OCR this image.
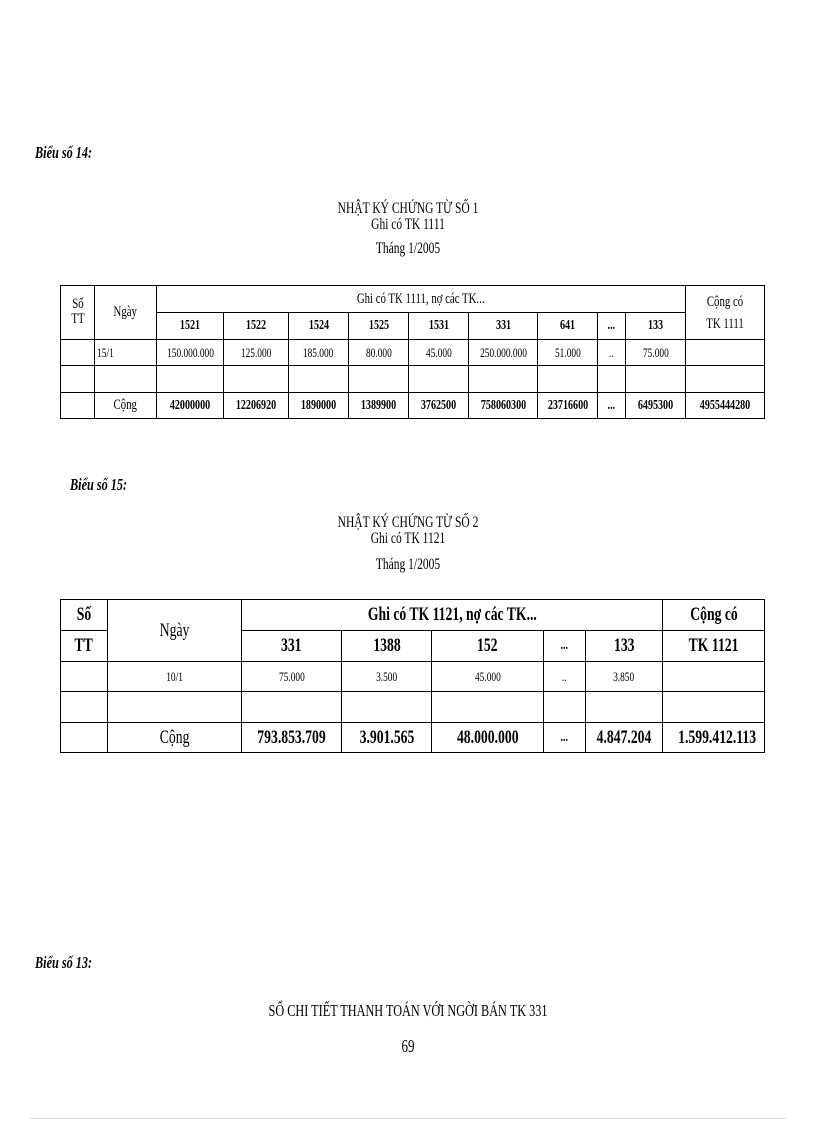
Biểu số 14:
NHẬT KÝ CHỨNG TỪ SỐ 1
Ghi có TK 1111
Tháng 1/2005
Số TT	Ngày	Ghi có TK 1111, nợ các TK...									Cộng có TK 1111
		1521	1522	1524	1525	1531	331	641	...	133	
	15/1	150.000.000	125.000	185.000	80.000	45.000	250.000.000	51.000	..	75.000	

	Cộng	42000000	12206920	1890000	1389900	3762500	758060300	23716600	...	6495300	4955444280
Biểu số 15:
NHẬT KÝ CHỨNG TỪ SỐ 2
Ghi có TK 1121
Tháng 1/2005
Số	Ngày	Ghi có TK 1121, nợ các TK...					Cộng có
TT		331	1388	152	...	133	TK 1121
	10/1	75.000	3.500	45.000	..	3.850	

	Cộng	793.853.709	3.901.565	48.000.000	...	4.847.204	1.599.412.113
Biểu số 13:
SỔ CHI TIẾT THANH TOÁN VỚI NGỜI BÁN TK 331
69
